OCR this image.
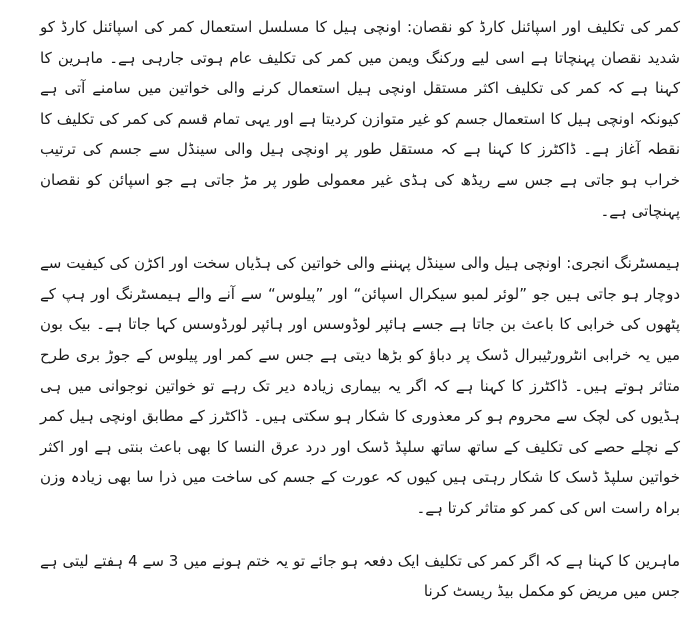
کمر کی تکلیف اور اسپائنل کارڈ کو نقصان: اونچی ہیل کا مسلسل استعمال کمر کی اسپائنل کارڈ کو شدید نقصان پہنچاتا ہے اسی لیے ورکنگ ویمن میں کمر کی تکلیف عام ہوتی جارہی ہے۔ ماہرین کا کہنا ہے کہ کمر کی تکلیف اکثر مستقل اونچی ہیل استعمال کرنے والی خواتین میں سامنے آتی ہے کیونکہ اونچی ہیل کا استعمال جسم کو غیر متوازن کردیتا ہے اور یہی تمام قسم کی کمر کی تکلیف کا نقطہ آغاز ہے۔ ڈاکٹرز کا کہنا ہے کہ مستقل طور پر اونچی ہیل والی سینڈل سے جسم کی ترتیب خراب ہو جاتی ہے جس سے ریڈھ کی ہڈی غیر معمولی طور پر مڑ جاتی ہے جو اسپائن کو نقصان پہنچاتی ہے۔

ہیمسٹرنگ انجری: اونچی ہیل والی سینڈل پہننے والی خواتین کی ہڈیاں سخت اور اکڑن کی کیفیت سے دوچار ہو جاتی ہیں جو ”لوئر لمبو سیکرال اسپائن“ اور ”پیلوس“ سے آنے والے ہیمسٹرنگ اور ہپ کے پٹھوں کی خرابی کا باعث بن جاتا ہے جسے ہائپر لوڈوسس اور ہائپر لورڈوسس کہا جاتا ہے۔ بیک بون میں یہ خرابی انٹرورٹیبرال ڈسک پر دباؤ کو بڑھا دیتی ہے جس سے کمر اور پیلوس کے جوڑ بری طرح متاثر ہوتے ہیں۔ ڈاکٹرز کا کہنا ہے کہ اگر یہ بیماری زیادہ دیر تک رہے تو خواتین نوجوانی میں ہی ہڈیوں کی لچک سے محروم ہو کر معذوری کا شکار ہو سکتی ہیں۔ ڈاکٹرز کے مطابق اونچی ہیل کمر کے نچلے حصے کی تکلیف کے ساتھ ساتھ سلپڈ ڈسک اور درد عرق النسا کا بھی باعث بنتی ہے اور اکثر خواتین سلپڈ ڈسک کا شکار رہتی ہیں کیوں کہ عورت کے جسم کی ساخت میں ذرا سا بھی زیادہ وزن براہ راست اس کی کمر کو متاثر کرتا ہے۔

ماہرین کا کہنا ہے کہ اگر کمر کی تکلیف ایک دفعہ ہو جائے تو یہ ختم ہونے میں 3 سے 4 ہفتے لیتی ہے جس میں مریض کو مکمل بیڈ ریسٹ کرنا
